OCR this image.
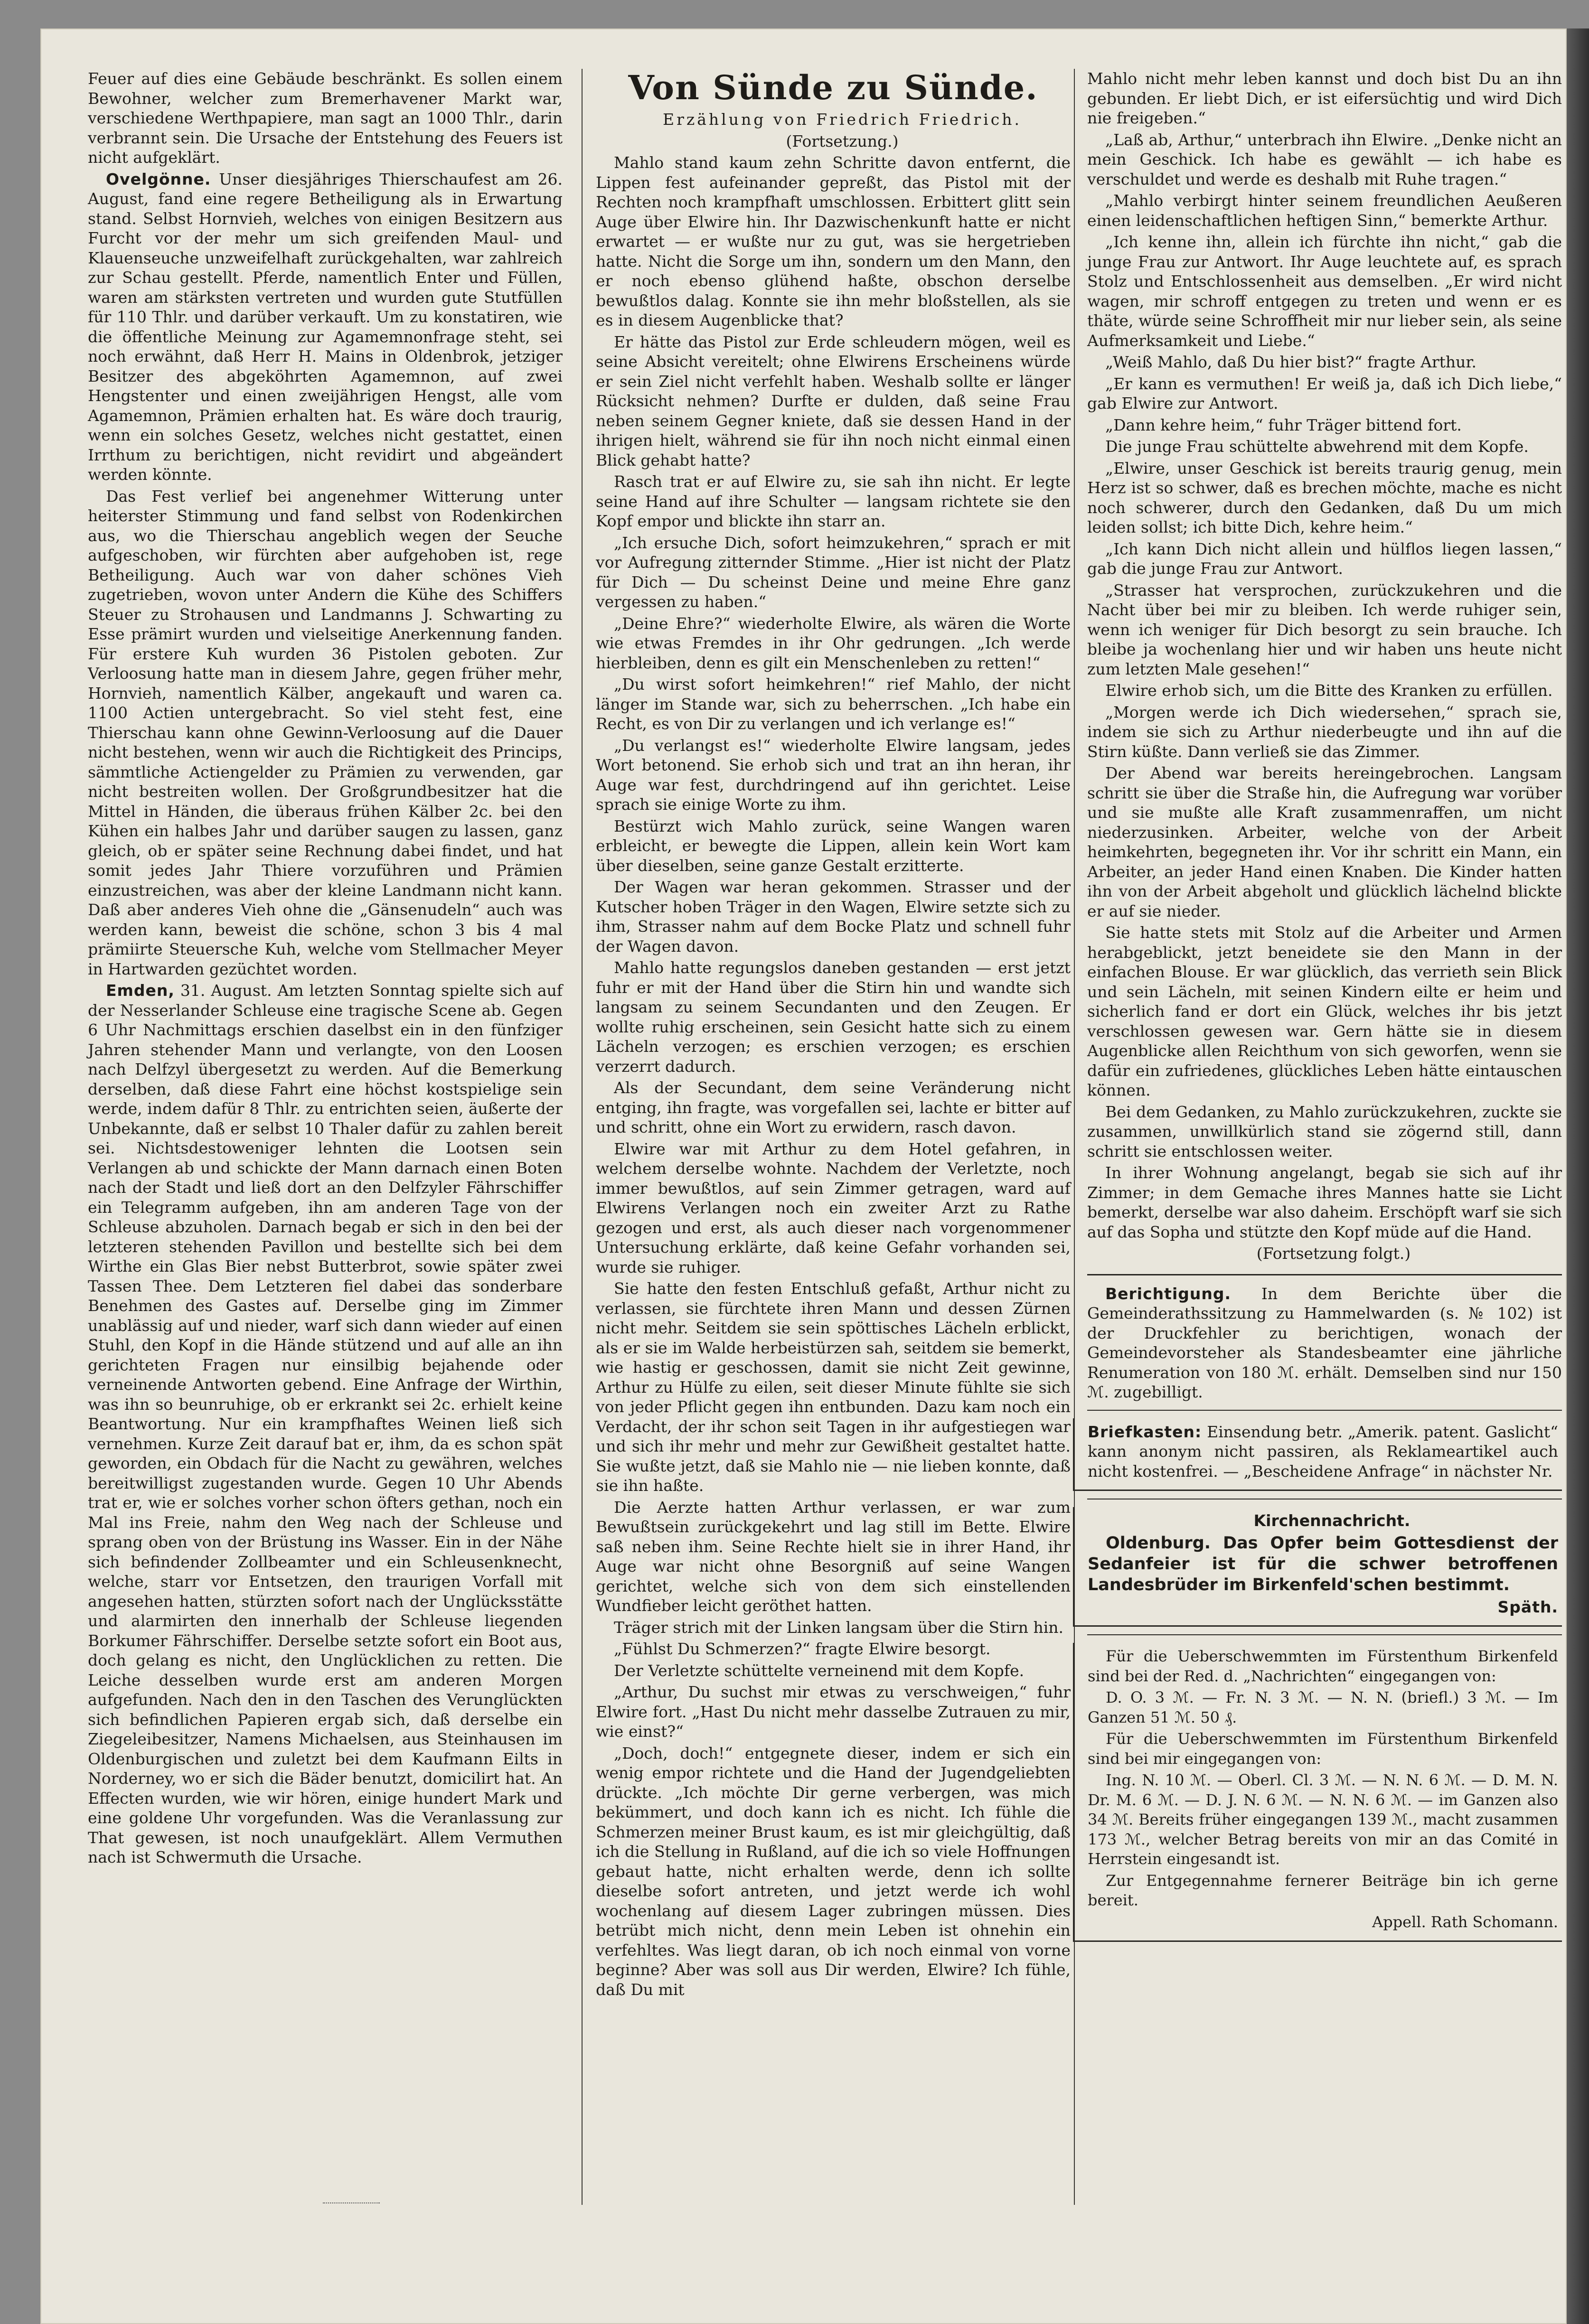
Feuer auf dies eine Gebäude beschränkt. Es sollen einem Bewohner, welcher zum Bremerhavener Markt war, verschiedene Werthpapiere, man sagt an 1000 Thlr., darin verbrannt sein. Die Ursache der Entstehung des Feuers ist nicht aufgeklärt.

Ovelgönne. Unser diesjähriges Thierschaufest am 26. August, fand eine regere Betheiligung als in Erwartung stand. Selbst Hornvieh, welches von einigen Besitzern aus Furcht vor der mehr um sich greifenden Maul- und Klauenseuche unzweifelhaft zurückgehalten, war zahlreich zur Schau gestellt. Pferde, namentlich Enter und Füllen, waren am stärksten vertreten und wurden gute Stutfüllen für 110 Thlr. und darüber verkauft. Um zu konstatiren, wie die öffentliche Meinung zur Agamemnonfrage steht, sei noch erwähnt, daß Herr H. Mains in Oldenbrok, jetziger Besitzer des abgeköhrten Agamemnon, auf zwei Hengstenter und einen zweijährigen Hengst, alle vom Agamemnon, Prämien erhalten hat. Es wäre doch traurig, wenn ein solches Gesetz, welches nicht gestattet, einen Irrthum zu berichtigen, nicht revidirt und abgeändert werden könnte.

Das Fest verlief bei angenehmer Witterung unter heiterster Stimmung und fand selbst von Rodenkirchen aus, wo die Thierschau angeblich wegen der Seuche aufgeschoben, wir fürchten aber aufgehoben ist, rege Betheiligung. Auch war von daher schönes Vieh zugetrieben, wovon unter Andern die Kühe des Schiffers Steuer zu Strohausen und Landmanns J. Schwarting zu Esse prämirt wurden und vielseitige Anerkennung fanden. Für erstere Kuh wurden 36 Pistolen geboten. Zur Verloosung hatte man in diesem Jahre, gegen früher mehr, Hornvieh, namentlich Kälber, angekauft und waren ca. 1100 Actien untergebracht. So viel steht fest, eine Thierschau kann ohne Gewinn-Verloosung auf die Dauer nicht bestehen, wenn wir auch die Richtigkeit des Princips, sämmtliche Actiengelder zu Prämien zu verwenden, gar nicht bestreiten wollen. Der Großgrundbesitzer hat die Mittel in Händen, die überaus frühen Kälber 2c. bei den Kühen ein halbes Jahr und darüber saugen zu lassen, ganz gleich, ob er später seine Rechnung dabei findet, und hat somit jedes Jahr Thiere vorzuführen und Prämien einzustreichen, was aber der kleine Landmann nicht kann. Daß aber anderes Vieh ohne die „Gänsenudeln“ auch was werden kann, beweist die schöne, schon 3 bis 4 mal prämiirte Steuersche Kuh, welche vom Stellmacher Meyer in Hartwarden gezüchtet worden.

Emden, 31. August. Am letzten Sonntag spielte sich auf der Nesserlander Schleuse eine tragische Scene ab. Gegen 6 Uhr Nachmittags erschien daselbst ein in den fünfziger Jahren stehender Mann und verlangte, von den Loosen nach Delfzyl übergesetzt zu werden. Auf die Bemerkung derselben, daß diese Fahrt eine höchst kostspielige sein werde, indem dafür 8 Thlr. zu entrichten seien, äußerte der Unbekannte, daß er selbst 10 Thaler dafür zu zahlen bereit sei. Nichtsdestoweniger lehnten die Lootsen sein Verlangen ab und schickte der Mann darnach einen Boten nach der Stadt und ließ dort an den Delfzyler Fährschiffer ein Telegramm aufgeben, ihn am anderen Tage von der Schleuse abzuholen. Darnach begab er sich in den bei der letzteren stehenden Pavillon und bestellte sich bei dem Wirthe ein Glas Bier nebst Butterbrot, sowie später zwei Tassen Thee. Dem Letzteren fiel dabei das sonderbare Benehmen des Gastes auf. Derselbe ging im Zimmer unablässig auf und nieder, warf sich dann wieder auf einen Stuhl, den Kopf in die Hände stützend und auf alle an ihn gerichteten Fragen nur einsilbig bejahende oder verneinende Antworten gebend. Eine Anfrage der Wirthin, was ihn so beunruhige, ob er erkrankt sei 2c. erhielt keine Beantwortung. Nur ein krampfhaftes Weinen ließ sich vernehmen. Kurze Zeit darauf bat er, ihm, da es schon spät geworden, ein Obdach für die Nacht zu gewähren, welches bereitwilligst zugestanden wurde. Gegen 10 Uhr Abends trat er, wie er solches vorher schon öfters gethan, noch ein Mal ins Freie, nahm den Weg nach der Schleuse und sprang oben von der Brüstung ins Wasser. Ein in der Nähe sich befindender Zollbeamter und ein Schleusenknecht, welche, starr vor Entsetzen, den traurigen Vorfall mit angesehen hatten, stürzten sofort nach der Unglücksstätte und alarmirten den innerhalb der Schleuse liegenden Borkumer Fährschiffer. Derselbe setzte sofort ein Boot aus, doch gelang es nicht, den Unglücklichen zu retten. Die Leiche desselben wurde erst am anderen Morgen aufgefunden. Nach den in den Taschen des Verunglückten sich befindlichen Papieren ergab sich, daß derselbe ein Ziegeleibesitzer, Namens Michaelsen, aus Steinhausen im Oldenburgischen und zuletzt bei dem Kaufmann Eilts in Norderney, wo er sich die Bäder benutzt, domicilirt hat. An Effecten wurden, wie wir hören, einige hundert Mark und eine goldene Uhr vorgefunden. Was die Veranlassung zur That gewesen, ist noch unaufgeklärt. Allem Vermuthen nach ist Schwermuth die Ursache.

Von Sünde zu Sünde.

Erzählung von Friedrich Friedrich.

(Fortsetzung.)

Mahlo stand kaum zehn Schritte davon entfernt, die Lippen fest aufeinander gepreßt, das Pistol mit der Rechten noch krampfhaft umschlossen. Erbittert glitt sein Auge über Elwire hin. Ihr Dazwischenkunft hatte er nicht erwartet — er wußte nur zu gut, was sie hergetrieben hatte. Nicht die Sorge um ihn, sondern um den Mann, den er noch ebenso glühend haßte, obschon derselbe bewußtlos dalag. Konnte sie ihn mehr bloßstellen, als sie es in diesem Augenblicke that?

Er hätte das Pistol zur Erde schleudern mögen, weil es seine Absicht vereitelt; ohne Elwirens Erscheinens würde er sein Ziel nicht verfehlt haben. Weshalb sollte er länger Rücksicht nehmen? Durfte er dulden, daß seine Frau neben seinem Gegner kniete, daß sie dessen Hand in der ihrigen hielt, während sie für ihn noch nicht einmal einen Blick gehabt hatte?

Rasch trat er auf Elwire zu, sie sah ihn nicht. Er legte seine Hand auf ihre Schulter — langsam richtete sie den Kopf empor und blickte ihn starr an.

„Ich ersuche Dich, sofort heimzukehren,“ sprach er mit vor Aufregung zitternder Stimme. „Hier ist nicht der Platz für Dich — Du scheinst Deine und meine Ehre ganz vergessen zu haben.“

„Deine Ehre?“ wiederholte Elwire, als wären die Worte wie etwas Fremdes in ihr Ohr gedrungen. „Ich werde hierbleiben, denn es gilt ein Menschenleben zu retten!“

„Du wirst sofort heimkehren!“ rief Mahlo, der nicht länger im Stande war, sich zu beherrschen. „Ich habe ein Recht, es von Dir zu verlangen und ich verlange es!“

„Du verlangst es!“ wiederholte Elwire langsam, jedes Wort betonend. Sie erhob sich und trat an ihn heran, ihr Auge war fest, durchdringend auf ihn gerichtet. Leise sprach sie einige Worte zu ihm.

Bestürzt wich Mahlo zurück, seine Wangen waren erbleicht, er bewegte die Lippen, allein kein Wort kam über dieselben, seine ganze Gestalt erzitterte.

Der Wagen war heran gekommen. Strasser und der Kutscher hoben Träger in den Wagen, Elwire setzte sich zu ihm, Strasser nahm auf dem Bocke Platz und schnell fuhr der Wagen davon.

Mahlo hatte regungslos daneben gestanden — erst jetzt fuhr er mit der Hand über die Stirn hin und wandte sich langsam zu seinem Secundanten und den Zeugen. Er wollte ruhig erscheinen, sein Gesicht hatte sich zu einem Lächeln verzogen; es erschien verzogen; es erschien verzerrt dadurch.

Als der Secundant, dem seine Veränderung nicht entging, ihn fragte, was vorgefallen sei, lachte er bitter auf und schritt, ohne ein Wort zu erwidern, rasch davon.

Elwire war mit Arthur zu dem Hotel gefahren, in welchem derselbe wohnte. Nachdem der Verletzte, noch immer bewußtlos, auf sein Zimmer getragen, ward auf Elwirens Verlangen noch ein zweiter Arzt zu Rathe gezogen und erst, als auch dieser nach vorgenommener Untersuchung erklärte, daß keine Gefahr vorhanden sei, wurde sie ruhiger.

Sie hatte den festen Entschluß gefaßt, Arthur nicht zu verlassen, sie fürchtete ihren Mann und dessen Zürnen nicht mehr. Seitdem sie sein spöttisches Lächeln erblickt, als er sie im Walde herbeistürzen sah, seitdem sie bemerkt, wie hastig er geschossen, damit sie nicht Zeit gewinne, Arthur zu Hülfe zu eilen, seit dieser Minute fühlte sie sich von jeder Pflicht gegen ihn entbunden. Dazu kam noch ein Verdacht, der ihr schon seit Tagen in ihr aufgestiegen war und sich ihr mehr und mehr zur Gewißheit gestaltet hatte. Sie wußte jetzt, daß sie Mahlo nie — nie lieben konnte, daß sie ihn haßte.

Die Aerzte hatten Arthur verlassen, er war zum Bewußtsein zurückgekehrt und lag still im Bette. Elwire saß neben ihm. Seine Rechte hielt sie in ihrer Hand, ihr Auge war nicht ohne Besorgniß auf seine Wangen gerichtet, welche sich von dem sich einstellenden Wundfieber leicht geröthet hatten.

Träger strich mit der Linken langsam über die Stirn hin.

„Fühlst Du Schmerzen?“ fragte Elwire besorgt.

Der Verletzte schüttelte verneinend mit dem Kopfe.

„Arthur, Du suchst mir etwas zu verschweigen,“ fuhr Elwire fort. „Hast Du nicht mehr dasselbe Zutrauen zu mir, wie einst?“

„Doch, doch!“ entgegnete dieser, indem er sich ein wenig empor richtete und die Hand der Jugendgeliebten drückte. „Ich möchte Dir gerne verbergen, was mich bekümmert, und doch kann ich es nicht. Ich fühle die Schmerzen meiner Brust kaum, es ist mir gleichgültig, daß ich die Stellung in Rußland, auf die ich so viele Hoffnungen gebaut hatte, nicht erhalten werde, denn ich sollte dieselbe sofort antreten, und jetzt werde ich wohl wochenlang auf diesem Lager zubringen müssen. Dies betrübt mich nicht, denn mein Leben ist ohnehin ein verfehltes. Was liegt daran, ob ich noch einmal von vorne beginne? Aber was soll aus Dir werden, Elwire? Ich fühle, daß Du mit

Mahlo nicht mehr leben kannst und doch bist Du an ihn gebunden. Er liebt Dich, er ist eifersüchtig und wird Dich nie freigeben.“

„Laß ab, Arthur,“ unterbrach ihn Elwire. „Denke nicht an mein Geschick. Ich habe es gewählt — ich habe es verschuldet und werde es deshalb mit Ruhe tragen.“

„Mahlo verbirgt hinter seinem freundlichen Aeußeren einen leidenschaftlichen heftigen Sinn,“ bemerkte Arthur.

„Ich kenne ihn, allein ich fürchte ihn nicht,“ gab die junge Frau zur Antwort. Ihr Auge leuchtete auf, es sprach Stolz und Entschlossenheit aus demselben. „Er wird nicht wagen, mir schroff entgegen zu treten und wenn er es thäte, würde seine Schroffheit mir nur lieber sein, als seine Aufmerksamkeit und Liebe.“

„Weiß Mahlo, daß Du hier bist?“ fragte Arthur.

„Er kann es vermuthen! Er weiß ja, daß ich Dich liebe,“ gab Elwire zur Antwort.

„Dann kehre heim,“ fuhr Träger bittend fort.

Die junge Frau schüttelte abwehrend mit dem Kopfe.

„Elwire, unser Geschick ist bereits traurig genug, mein Herz ist so schwer, daß es brechen möchte, mache es nicht noch schwerer, durch den Gedanken, daß Du um mich leiden sollst; ich bitte Dich, kehre heim.“

„Ich kann Dich nicht allein und hülflos liegen lassen,“ gab die junge Frau zur Antwort.

„Strasser hat versprochen, zurückzukehren und die Nacht über bei mir zu bleiben. Ich werde ruhiger sein, wenn ich weniger für Dich besorgt zu sein brauche. Ich bleibe ja wochenlang hier und wir haben uns heute nicht zum letzten Male gesehen!“

Elwire erhob sich, um die Bitte des Kranken zu erfüllen.

„Morgen werde ich Dich wiedersehen,“ sprach sie, indem sie sich zu Arthur niederbeugte und ihn auf die Stirn küßte. Dann verließ sie das Zimmer.

Der Abend war bereits hereingebrochen. Langsam schritt sie über die Straße hin, die Aufregung war vorüber und sie mußte alle Kraft zusammenraffen, um nicht niederzusinken. Arbeiter, welche von der Arbeit heimkehrten, begegneten ihr. Vor ihr schritt ein Mann, ein Arbeiter, an jeder Hand einen Knaben. Die Kinder hatten ihn von der Arbeit abgeholt und glücklich lächelnd blickte er auf sie nieder.

Sie hatte stets mit Stolz auf die Arbeiter und Armen herabgeblickt, jetzt beneidete sie den Mann in der einfachen Blouse. Er war glücklich, das verrieth sein Blick und sein Lächeln, mit seinen Kindern eilte er heim und sicherlich fand er dort ein Glück, welches ihr bis jetzt verschlossen gewesen war. Gern hätte sie in diesem Augenblicke allen Reichthum von sich geworfen, wenn sie dafür ein zufriedenes, glückliches Leben hätte eintauschen können.

Bei dem Gedanken, zu Mahlo zurückzukehren, zuckte sie zusammen, unwillkürlich stand sie zögernd still, dann schritt sie entschlossen weiter.

In ihrer Wohnung angelangt, begab sie sich auf ihr Zimmer; in dem Gemache ihres Mannes hatte sie Licht bemerkt, derselbe war also daheim. Erschöpft warf sie sich auf das Sopha und stützte den Kopf müde auf die Hand.

(Fortsetzung folgt.)

Berichtigung. In dem Berichte über die Gemeinderathssitzung zu Hammelwarden (s. № 102) ist der Druckfehler zu berichtigen, wonach der Gemeindevorsteher als Standesbeamter eine jährliche Renumeration von 180 ℳ. erhält. Demselben sind nur 150 ℳ. zugebilligt.

Briefkasten: Einsendung betr. „Amerik. patent. Gaslicht“ kann anonym nicht passiren, als Reklameartikel auch nicht kostenfrei. — „Bescheidene Anfrage“ in nächster Nr.

Kirchennachricht.

Oldenburg. Das Opfer beim Gottesdienst der Sedanfeier ist für die schwer betroffenen Landesbrüder im Birkenfeld'schen bestimmt.

Späth.

Für die Ueberschwemmten im Fürstenthum Birkenfeld sind bei der Red. d. „Nachrichten“ eingegangen von:

D. O. 3 ℳ. — Fr. N. 3 ℳ. — N. N. (briefl.) 3 ℳ. — Im Ganzen 51 ℳ. 50 ₰.

Für die Ueberschwemmten im Fürstenthum Birkenfeld sind bei mir eingegangen von:

Ing. N. 10 ℳ. — Oberl. Cl. 3 ℳ. — N. N. 6 ℳ. — D. M. N. Dr. M. 6 ℳ. — D. J. N. 6 ℳ. — N. N. 6 ℳ. — im Ganzen also 34 ℳ. Bereits früher eingegangen 139 ℳ., macht zusammen 173 ℳ., welcher Betrag bereits von mir an das Comité in Herrstein eingesandt ist.

Zur Entgegennahme fernerer Beiträge bin ich gerne bereit.

Appell. Rath Schomann.
